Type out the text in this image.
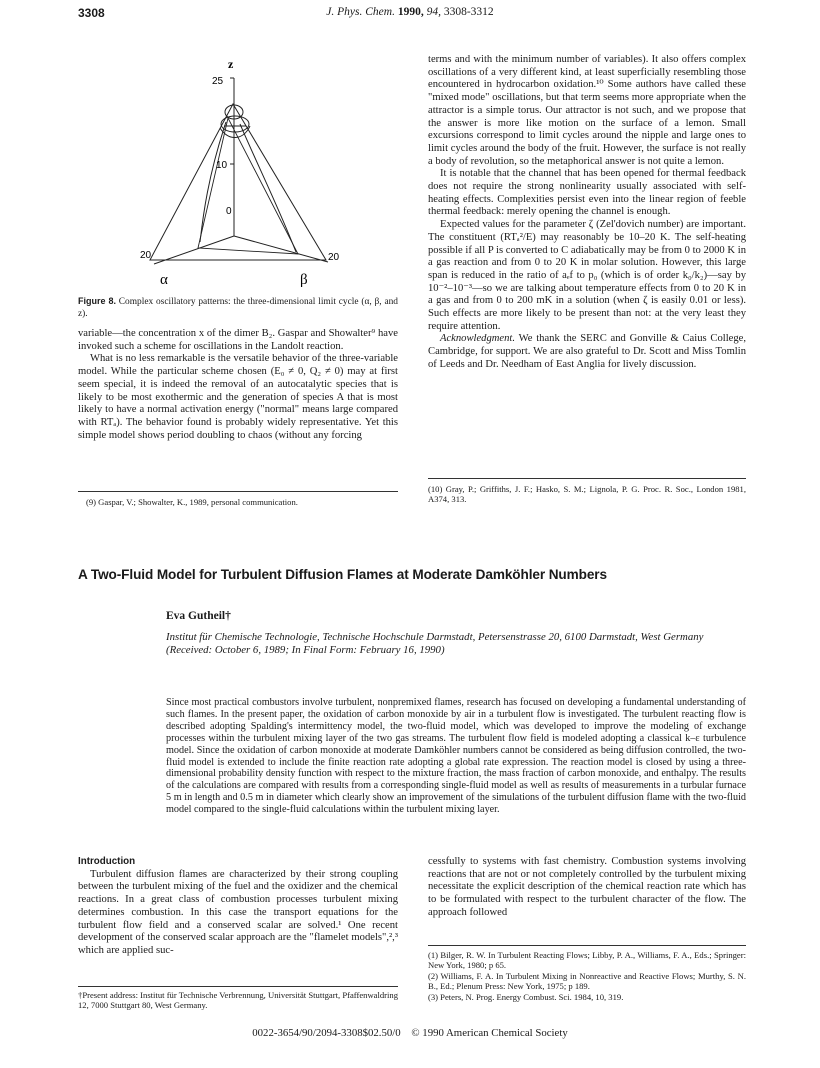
3308	J. Phys. Chem. 1990, 94, 3308-3312
z
25
10
0
20	20
α	β
Figure 8. Complex oscillatory patterns: the three-dimensional limit cycle (α, β, and z).

variable—the concentration x of the dimer B₂. Gaspar and Showalter⁹ have invoked such a scheme for oscillations in the Landolt reaction.

What is no less remarkable is the versatile behavior of the three-variable model. While the particular scheme chosen (E₀ ≠ 0, Q₂ ≠ 0) may at first seem special, it is indeed the removal of an autocatalytic species that is likely to be most exothermic and the generation of species A that is most likely to have a normal activation energy ("normal" means large compared with RTₐ). The behavior found is probably widely representative. Yet this simple model shows period doubling to chaos (without any forcing

(9) Gaspar, V.; Showalter, K., 1989, personal communication.

terms and with the minimum number of variables). It also offers complex oscillations of a very different kind, at least superficially resembling those encountered in hydrocarbon oxidation.¹⁰ Some authors have called these "mixed mode" oscillations, but that term seems more appropriate when the attractor is a simple torus. Our attractor is not such, and we propose that the answer is more like motion on the surface of a lemon. Small excursions correspond to limit cycles around the nipple and large ones to limit cycles around the body of the fruit. However, the surface is not really a body of revolution, so the metaphorical answer is not quite a lemon.

It is notable that the channel that has been opened for thermal feedback does not require the strong nonlinearity usually associated with self-heating effects. Complexities persist even into the linear region of feeble thermal feedback: merely opening the channel is enough.

Expected values for the parameter ζ (Zel'dovich number) are important. The constituent (RTₐ²/E) may reasonably be 10–20 K. The self-heating possible if all P is converted to C adiabatically may be from 0 to 2000 K in a gas reaction and from 0 to 20 K in molar solution. However, this large span is reduced in the ratio of aₑf to p₀ (which is of order k₀/k₂)—say by 10⁻²–10⁻³—so we are talking about temperature effects from 0 to 20 K in a gas and from 0 to 200 mK in a solution (when ζ is easily 0.01 or less). Such effects are more likely to be present than not: at the very least they require attention.

Acknowledgment. We thank the SERC and Gonville & Caius College, Cambridge, for support. We are also grateful to Dr. Scott and Miss Tomlin of Leeds and Dr. Needham of East Anglia for lively discussion.

(10) Gray, P.; Griffiths, J. F.; Hasko, S. M.; Lignola, P. G. Proc. R. Soc., London 1981, A374, 313.
A Two-Fluid Model for Turbulent Diffusion Flames at Moderate Damköhler Numbers
Eva Gutheil†
Institut für Chemische Technologie, Technische Hochschule Darmstadt, Petersenstrasse 20, 6100 Darmstadt, West Germany (Received: October 6, 1989; In Final Form: February 16, 1990)
Since most practical combustors involve turbulent, nonpremixed flames, research has focused on developing a fundamental understanding of such flames. In the present paper, the oxidation of carbon monoxide by air in a turbulent flow is investigated. The turbulent reacting flow is described adopting Spalding's intermittency model, the two-fluid model, which was developed to improve the modeling of exchange processes within the turbulent mixing layer of the two gas streams. The turbulent flow field is modeled adopting a classical k–ε turbulence model. Since the oxidation of carbon monoxide at moderate Damköhler numbers cannot be considered as being diffusion controlled, the two-fluid model is extended to include the finite reaction rate adopting a global rate expression. The reaction model is closed by using a three-dimensional probability density function with respect to the mixture fraction, the mass fraction of carbon monoxide, and enthalpy. The results of the calculations are compared with results from a corresponding single-fluid model as well as results of measurements in a turbular furnace 5 m in length and 0.5 m in diameter which clearly show an improvement of the simulations of the turbulent diffusion flame with the two-fluid model compared to the single-fluid calculations within the turbulent mixing layer.
Introduction

Turbulent diffusion flames are characterized by their strong coupling between the turbulent mixing of the fuel and the oxidizer and the chemical reactions. In a great class of combustion processes turbulent mixing determines combustion. In this case the transport equations for the turbulent flow field and a conserved scalar are solved.¹ One recent development of the conserved scalar approach are the "flamelet models",²,³ which are applied suc-

†Present address: Institut für Technische Verbrennung, Universität Stuttgart, Pfaffenwaldring 12, 7000 Stuttgart 80, West Germany.

cessfully to systems with fast chemistry. Combustion systems involving reactions that are not or not completely controlled by the turbulent mixing necessitate the explicit description of the chemical reaction rate which has to be formulated with respect to the turbulent character of the flow. The approach followed

(1) Bilger, R. W. In Turbulent Reacting Flows; Libby, P. A., Williams, F. A., Eds.; Springer: New York, 1980; p 65.
(2) Williams, F. A. In Turbulent Mixing in Nonreactive and Reactive Flows; Murthy, S. N. B., Ed.; Plenum Press: New York, 1975; p 189.
(3) Peters, N. Prog. Energy Combust. Sci. 1984, 10, 319.
0022-3654/90/2094-3308$02.50/0 © 1990 American Chemical Society
